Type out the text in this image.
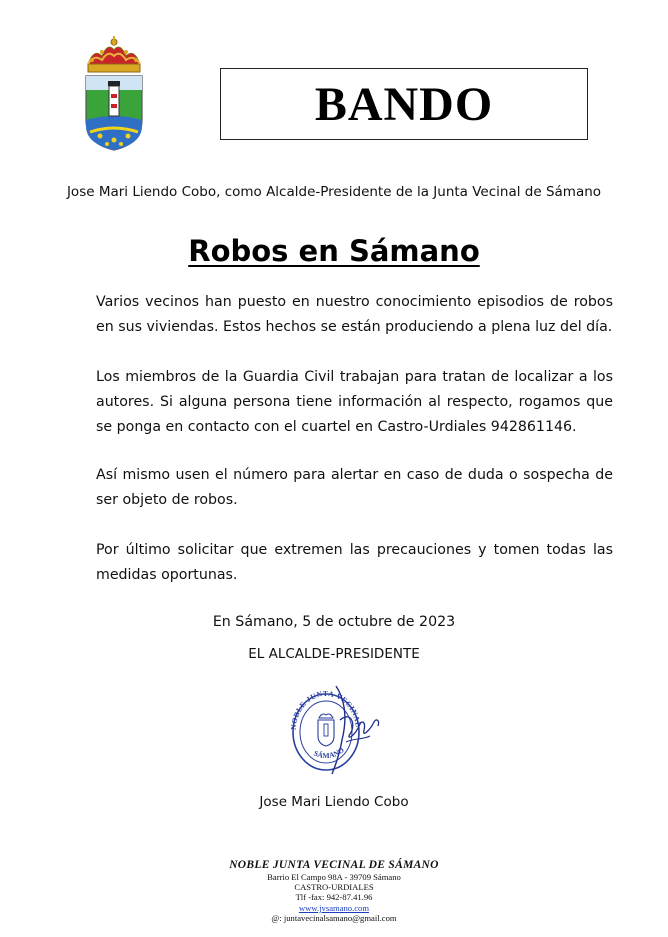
BANDO
Jose Mari Liendo Cobo, como Alcalde-Presidente de la Junta Vecinal de Sámano
Robos en Sámano
Varios vecinos han puesto en nuestro conocimiento episodios de robos en sus viviendas. Estos hechos se están produciendo a plena luz del día.
Los miembros de la Guardia Civil trabajan para tratan de localizar a los autores. Si alguna persona tiene información al respecto, rogamos que se ponga en contacto con el cuartel en Castro-Urdiales 942861146.
Así mismo usen el número para alertar en caso de duda o sospecha de ser objeto de robos.
Por último solicitar que extremen las precauciones y tomen todas las medidas oportunas.
En Sámano, 5 de octubre de 2023
EL ALCALDE-PRESIDENTE
NOBLE JUNTA VECINAL
SÁMANO
Jose Mari Liendo Cobo
NOBLE JUNTA VECINAL DE SÁMANO
Barrio El Campo 98A - 39709 Sámano
CASTRO-URDIALES
Tlf -fax: 942-87.41.96
www.jvsamano.com
@: juntavecinalsamano@gmail.com
